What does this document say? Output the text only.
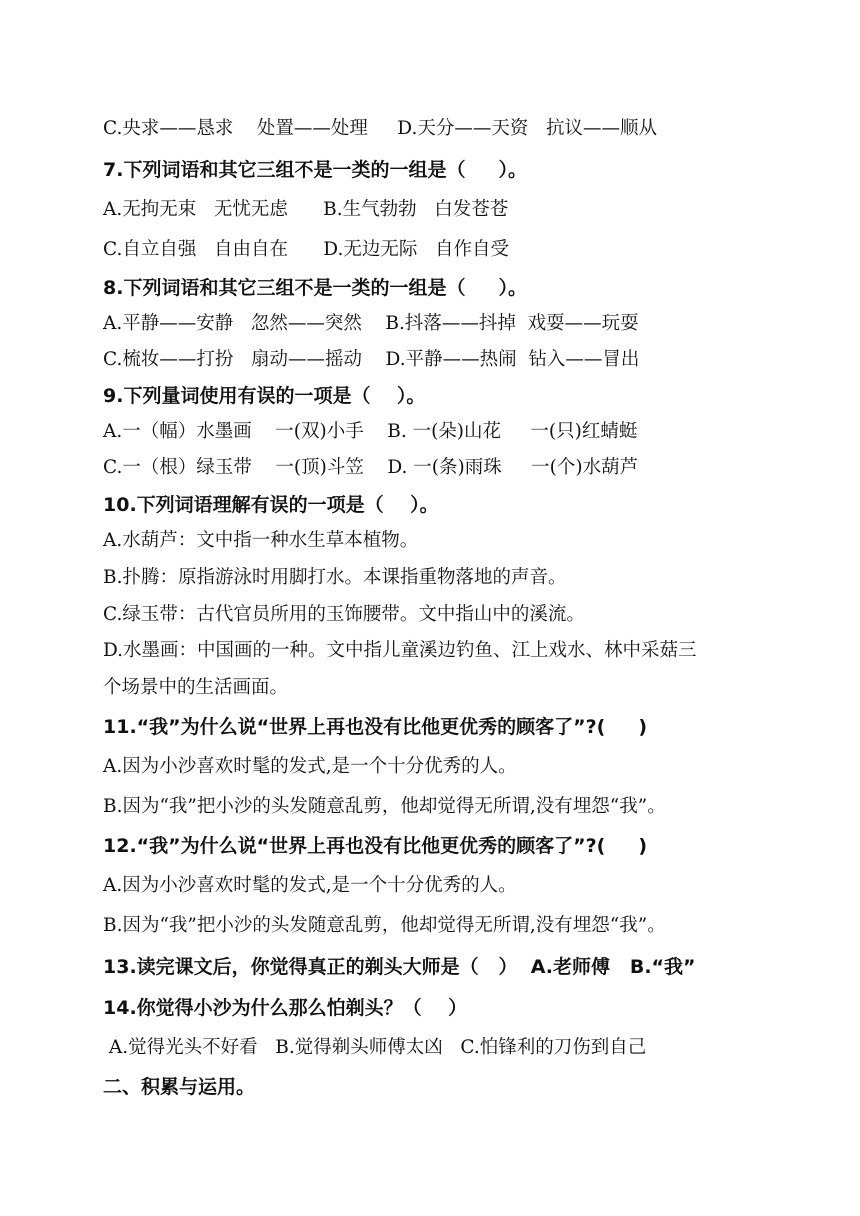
C.央求——恳求    处置——处理     D.天分——天资   抗议——顺从
7.下列词语和其它三组不是一类的一组是（     ）。
A.无拘无束   无忧无虑      B.生气勃勃   白发苍苍
C.自立自强   自由自在      D.无边无际   自作自受
8.下列词语和其它三组不是一类的一组是（     ）。
A.平静——安静   忽然——突然    B.抖落——抖掉  戏耍——玩耍
C.梳妆——打扮   扇动——摇动    D.平静——热闹  钻入——冒出
9.下列量词使用有误的一项是（    ）。
A.一（幅）水墨画    一(双)小手    B. 一(朵)山花     一(只)红蜻蜓
C.一（根）绿玉带    一(顶)斗笠    D. 一(条)雨珠     一(个)水葫芦
10.下列词语理解有误的一项是（    ）。
A.水葫芦：文中指一种水生草本植物。
B.扑腾：原指游泳时用脚打水。本课指重物落地的声音。
C.绿玉带：古代官员所用的玉饰腰带。文中指山中的溪流。
D.水墨画：中国画的一种。文中指儿童溪边钓鱼、江上戏水、林中采菇三
个场景中的生活画面。
11.“我”为什么说“世界上再也没有比他更优秀的顾客了”?(     )
A.因为小沙喜欢时髦的发式,是一个十分优秀的人。
B.因为“我”把小沙的头发随意乱剪，他却觉得无所谓,没有埋怨“我”。
12.“我”为什么说“世界上再也没有比他更优秀的顾客了”?(     )
A.因为小沙喜欢时髦的发式,是一个十分优秀的人。
B.因为“我”把小沙的头发随意乱剪，他却觉得无所谓,没有埋怨“我”。
13.读完课文后，你觉得真正的剃头大师是（   ）  A.老师傅   B.“我”
14.你觉得小沙为什么那么怕剃头？（    ）
A.觉得光头不好看   B.觉得剃头师傅太凶   C.怕锋利的刀伤到自己
二、积累与运用。
